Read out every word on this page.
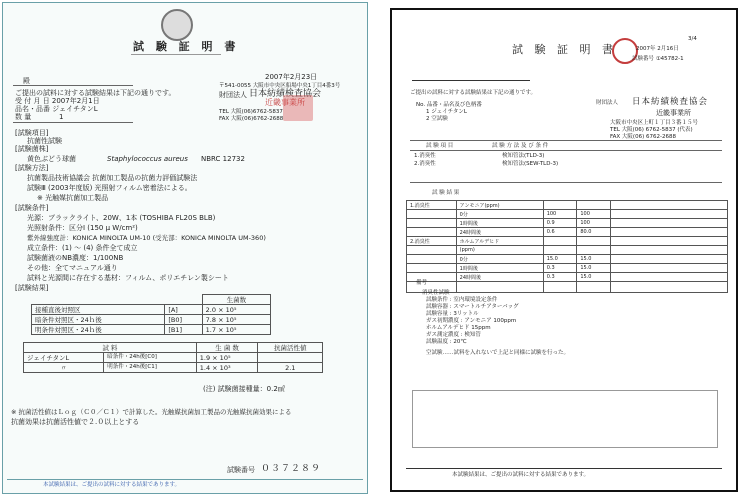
試 験 証 明 書
殿	2007年2月23日
ご提出の試料に対する試験結果は下記の通りです。
受 付 月 日 2007年2月1日
品名・品番 ジェイチタンL
数 量	1
〒541-0055 大阪市中央区船場中央1丁目4番3号
財団法人 日本紡績検査協会
近畿事業所
TEL 大阪(06)6762-5837
FAX 大阪(06)6762-2688
[試験項目]
抗菌性試験
[試験菌株]
黄色ぶどう球菌	Staphylococcus aureus NBRC 12732
[試験方法]
抗菌製品技術協議会 抗菌加工製品の抗菌力評価試験法
試験Ⅲ (2003年度版) 光照射フィルム密着法による。
※ 光触媒抗菌加工製品
[試験条件]
光源：ブラックライト、20W、1本 (TOSHIBA FL20S BLB)
光照射条件：区分Ⅰ (150 μ W/cm²)
紫外線強度計：KONICA MINOLTA UM-10 (受光部：KONICA MINOLTA UM-360)
成立条件：(1) ～ (4) 条件全て成立
試験菌液のNB濃度：1/100NB
その他：全てマニュアル通り
試料と光源間に存在する基材：フィルム、ポリエチレン製シート
[試験結果]
		生菌数
接種直後対照区	[A]	2.0 × 10⁵
暗条件対照区・24ｈ後	[B0]	7.8 × 10⁵
明条件対照区・24ｈ後	[B1]	1.7 × 10⁵
試 料		生 菌 数	抗菌活性値
ジェイチタンL	暗条件・24h後[C0]	1.9 × 10⁵	
〃	明条件・24h後[C1]	1.4 × 10³	2.1
(注) 試験菌接種量：0.2㎖
※ 抗菌活性値はＬｏｇ（Ｃ０／Ｃ１）で計算した。光触媒抗菌加工製品の光触媒抗菌効果による
抗菌効果は抗菌活性値で２.０以上とする
試験番号 ０３７２８９
本試験結果は、ご提出の試料に対する結果であります。
試 験 証 明 書
3/4
2007年 2月16日
試験番号 ①45782-1
ご提出の試料に対する試験結果は下記の通りです。
No. 品番・品名及び色柄番
1 ジェイチタンL
2 空試験
財団法人 日本紡績検査協会
近畿事業所
大阪市中央区上町１丁目３番１５号
TEL 大阪(06) 6762-5837 (代表)
FAX 大阪(06) 6762-2688
試 験 項 目	試 験 方 法 及 び 条 件
1.消臭性	検知管法(TLD-3)
2.消臭性	検知管法(SEW-TLD-3)
試 験 結 果
1.消臭性	アンモニア(ppm)			
	0分	100	100	
	1時間後	0.9	100	
	24時間後	0.6	80.0	
2.消臭性	ホルムアルデヒド			
	(ppm)			
	0分	15.0	15.0	
	1時間後	0.3	15.0	
	24時間後	0.3	15.0	

備考
消臭性試験
試験条件 : 室内環境設定条件
試験容器 : スマートルチアターバッグ
試験容量 : 3リットル
ガス初期濃度 : アンモニア 100ppm
ホルムアルデヒド 15ppm
ガス測定濃度 : 検知管
試験温度 : 20℃
空試験……試料を入れないで上記と同様に試験を行った。
本試験結果は、ご提出の試料に対する結果であります。
